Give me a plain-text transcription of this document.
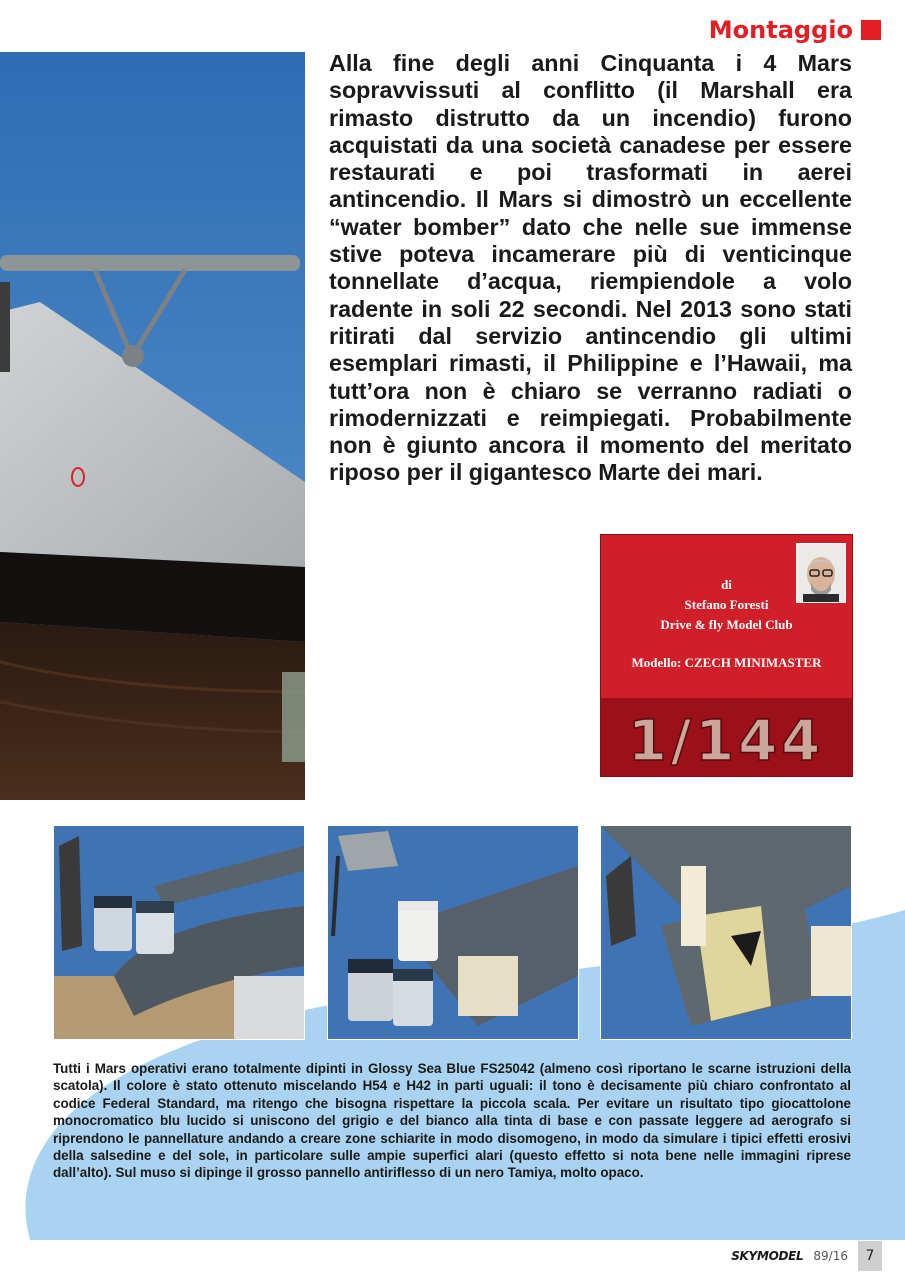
Montaggio

Alla fine degli anni Cinquanta i 4 Mars sopravvissuti al conflitto (il Marshall era rimasto distrutto da un incendio) furono acquistati da una società canadese per essere restaurati e poi trasformati in aerei antincendio. Il Mars si dimostrò un eccellente “water bomber” dato che nelle sue immense stive poteva incamerare più di venticinque tonnellate d’acqua, riempiendole a volo radente in soli 22 secondi. Nel 2013 sono stati ritirati dal servizio antincendio gli ultimi esemplari rimasti, il Philippine e l’Hawaii, ma tutt’ora non è chiaro se verranno radiati o rimodernizzati e reimpiegati. Probabilmente non è giunto ancora il momento del meritato riposo per il gigantesco Marte dei mari.

di
Stefano Foresti
Drive & fly Model Club
Modello: CZECH MINIMASTER
1/144

Tutti i Mars operativi erano totalmente dipinti in Glossy Sea Blue FS25042 (almeno così riportano le scarne istruzioni della scatola). Il colore è stato ottenuto miscelando H54 e H42 in parti uguali: il tono è decisamente più chiaro confrontato al codice Federal Standard, ma ritengo che bisogna rispettare la piccola scala. Per evitare un risultato tipo giocattolone monocromatico blu lucido si uniscono del grigio e del bianco alla tinta di base e con passate leggere ad aerografo si riprendono le pannellature andando a creare zone schiarite in modo disomogeno, in modo da simulare i tipici effetti erosivi della salsedine e del sole, in particolare sulle ampie superfici alari (questo effetto si nota bene nelle immagini riprese dall’alto). Sul muso si dipinge il grosso pannello antiriflesso di un nero Tamiya, molto opaco.

SKYMODEL 89/16	7
